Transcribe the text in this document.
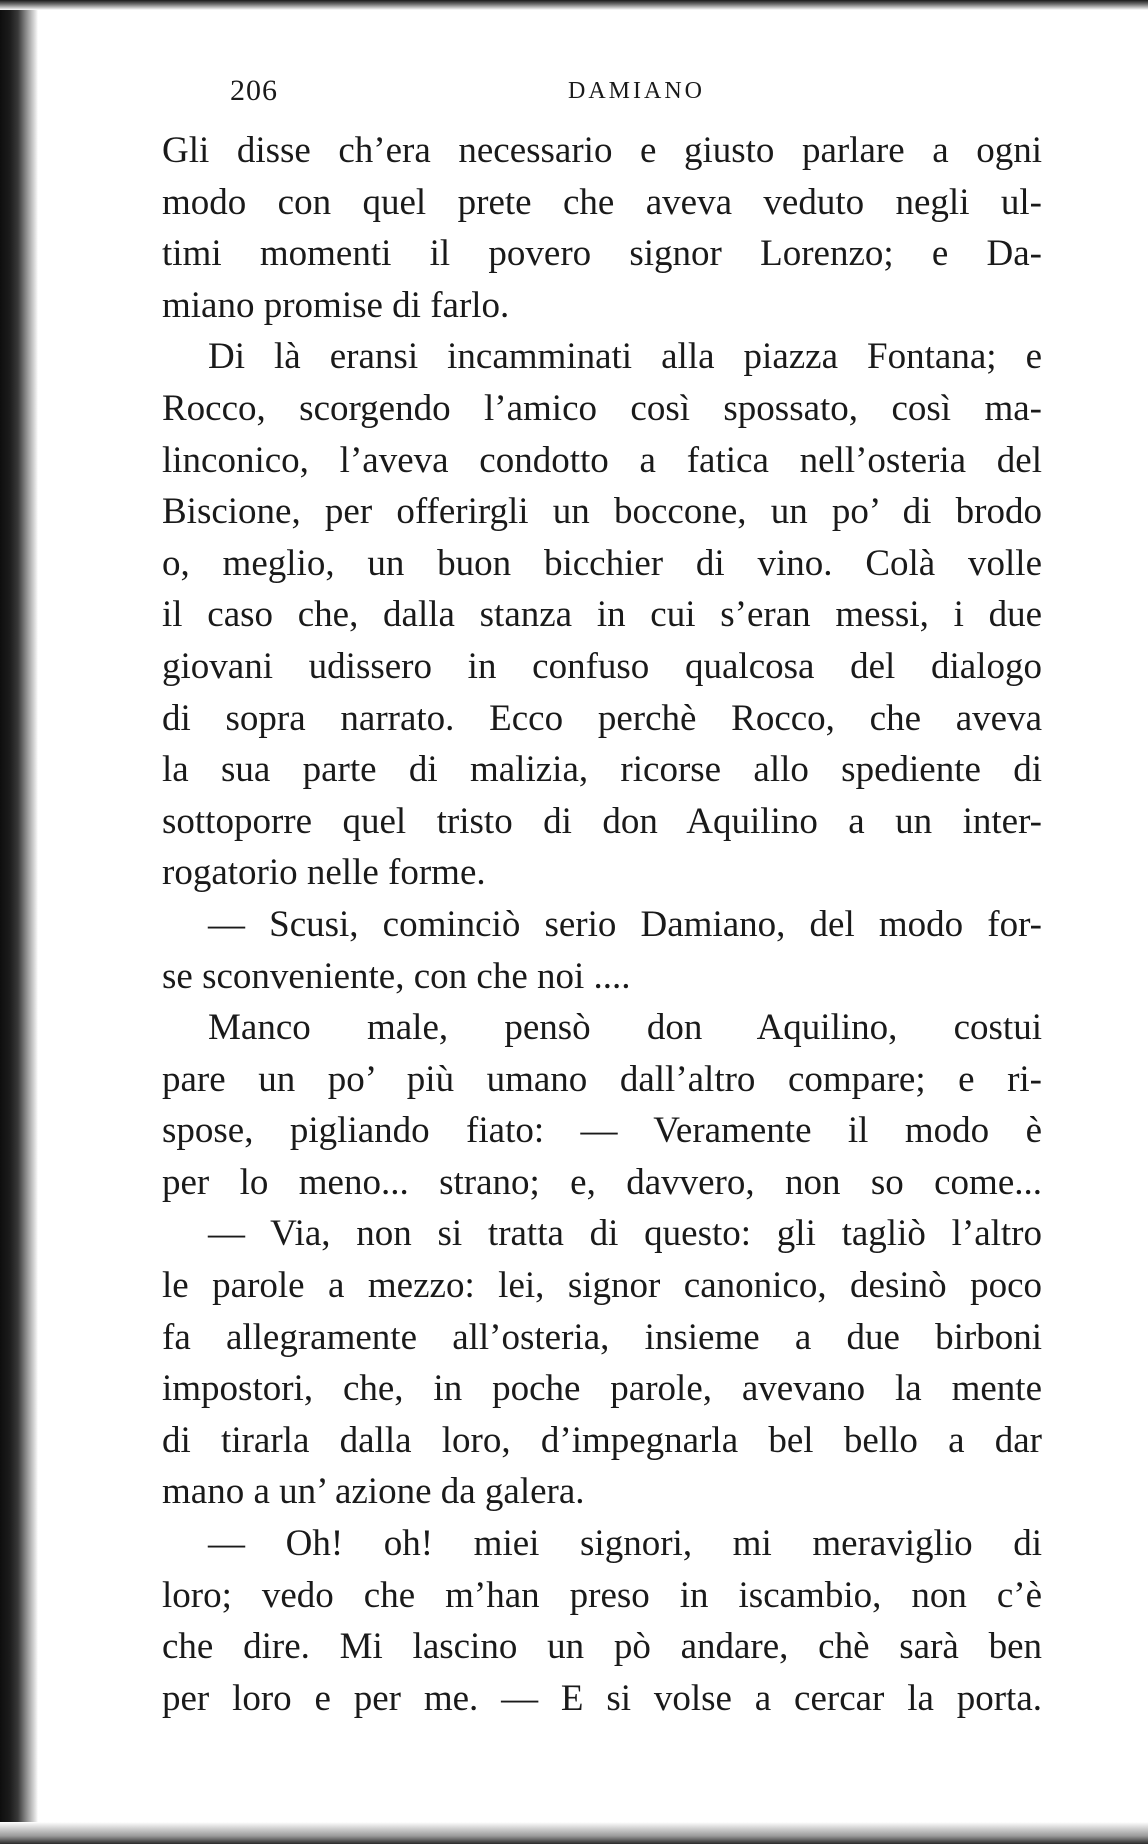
206	DAMIANO
Gli disse ch’era necessario e giusto parlare a ogni
modo con quel prete che aveva veduto negli ul-
timi momenti il povero signor Lorenzo; e Da-
miano promise di farlo.
Di là eransi incamminati alla piazza Fontana; e
Rocco, scorgendo l’amico così spossato, così ma-
linconico, l’aveva condotto a fatica nell’osteria del
Biscione, per offerirgli un boccone, un po’ di brodo
o, meglio, un buon bicchier di vino. Colà volle
il caso che, dalla stanza in cui s’eran messi, i due
giovani udissero in confuso qualcosa del dialogo
di sopra narrato. Ecco perchè Rocco, che aveva
la sua parte di malizia, ricorse allo spediente di
sottoporre quel tristo di don Aquilino a un inter-
rogatorio nelle forme.
— Scusi, cominciò serio Damiano, del modo for-
se sconveniente, con che noi ....
Manco male, pensò don Aquilino, costui
pare un po’ più umano dall’altro compare; e ri-
spose, pigliando fiato: — Veramente il modo è
per lo meno... strano; e, davvero, non so come...
— Via, non si tratta di questo: gli tagliò l’altro
le parole a mezzo: lei, signor canonico, desinò poco
fa allegramente all’osteria, insieme a due birboni
impostori, che, in poche parole, avevano la mente
di tirarla dalla loro, d’impegnarla bel bello a dar
mano a un’ azione da galera.
— Oh! oh! miei signori, mi meraviglio di
loro; vedo che m’han preso in iscambio, non c’è
che dire. Mi lascino un pò andare, chè sarà ben
per loro e per me. — E si volse a cercar la porta.
